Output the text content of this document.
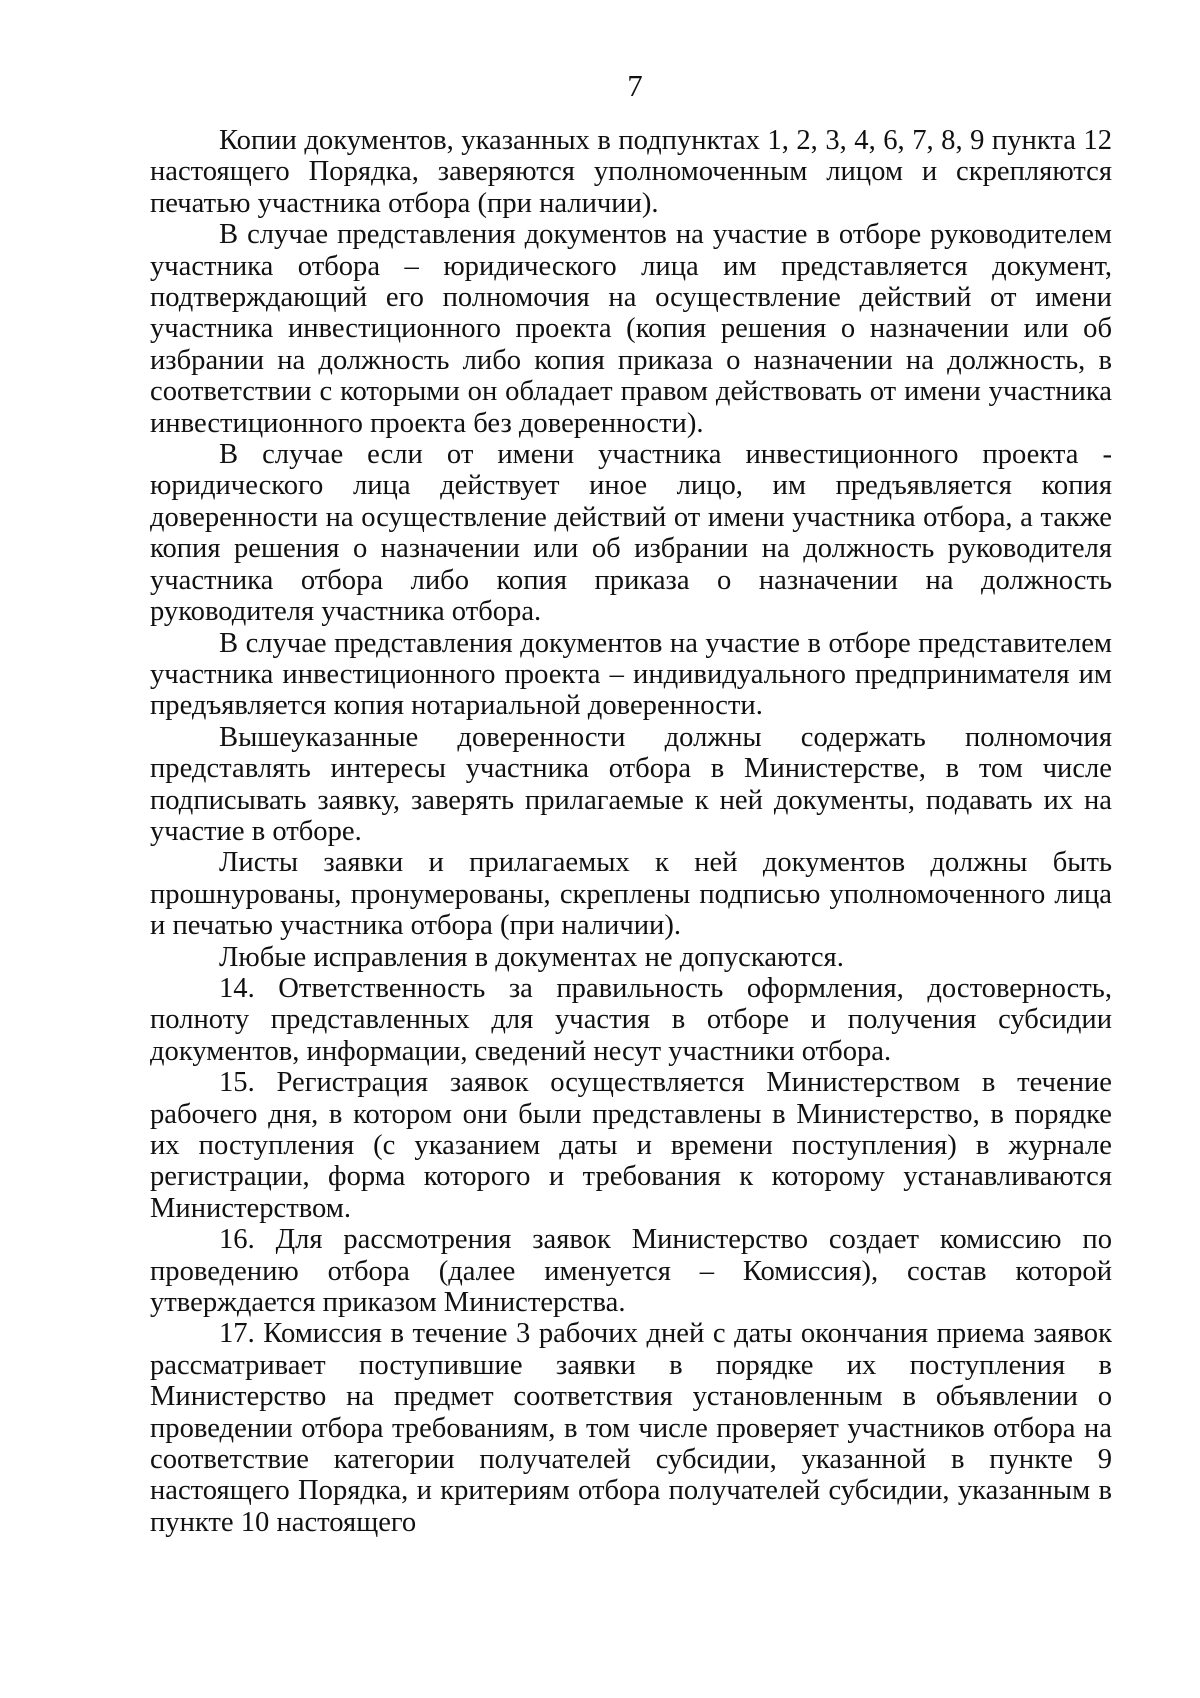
7

Копии документов, указанных в подпунктах 1, 2, 3, 4, 6, 7, 8, 9 пункта 12 настоящего Порядка, заверяются уполномоченным лицом и скрепляются печатью участника отбора (при наличии).

В случае представления документов на участие в отборе руководителем участника отбора – юридического лица им представляется документ, подтверждающий его полномочия на осуществление действий от имени участника инвестиционного проекта (копия решения о назначении или об избрании на должность либо копия приказа о назначении на должность, в соответствии с которыми он обладает правом действовать от имени участника инвестиционного проекта без доверенности).

В случае если от имени участника инвестиционного проекта - юридического лица действует иное лицо, им предъявляется копия доверенности на осуществление действий от имени участника отбора, а также копия решения о назначении или об избрании на должность руководителя участника отбора либо копия приказа о назначении на должность руководителя участника отбора.

В случае представления документов на участие в отборе представителем участника инвестиционного проекта – индивидуального предпринимателя им предъявляется копия нотариальной доверенности.

Вышеуказанные доверенности должны содержать полномочия представлять интересы участника отбора в Министерстве, в том числе подписывать заявку, заверять прилагаемые к ней документы, подавать их на участие в отборе.

Листы заявки и прилагаемых к ней документов должны быть прошнурованы, пронумерованы, скреплены подписью уполномоченного лица и печатью участника отбора (при наличии).

Любые исправления в документах не допускаются.

14. Ответственность за правильность оформления, достоверность, полноту представленных для участия в отборе и получения субсидии документов, информации, сведений несут участники отбора.

15. Регистрация заявок осуществляется Министерством в течение рабочего дня, в котором они были представлены в Министерство, в порядке их поступления (с указанием даты и времени поступления) в журнале регистрации, форма которого и требования к которому устанавливаются Министерством.

16. Для рассмотрения заявок Министерство создает комиссию по проведению отбора (далее именуется – Комиссия), состав которой утверждается приказом Министерства.

17. Комиссия в течение 3 рабочих дней с даты окончания приема заявок рассматривает поступившие заявки в порядке их поступления в Министерство на предмет соответствия установленным в объявлении о проведении отбора требованиям, в том числе проверяет участников отбора на соответствие категории получателей субсидии, указанной в пункте 9 настоящего Порядка, и критериям отбора получателей субсидии, указанным в пункте 10 настоящего
